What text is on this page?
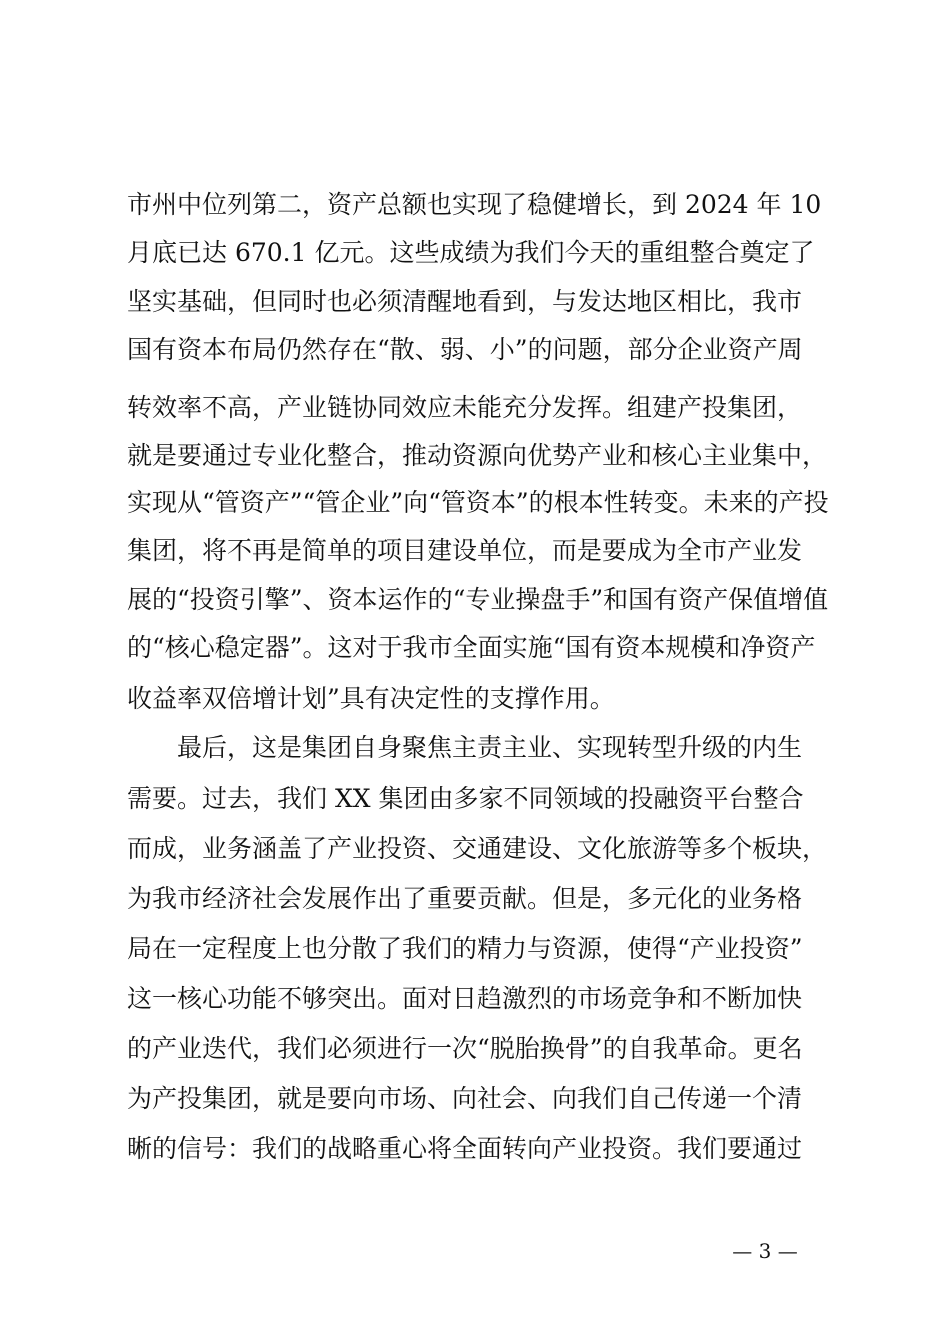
市州中位列第二，资产总额也实现了稳健增长，到 2024 年 10
月底已达 670.1 亿元。这些成绩为我们今天的重组整合奠定了
坚实基础，但同时也必须清醒地看到，与发达地区相比，我市
国有资本布局仍然存在“散、弱、小”的问题，部分企业资产周
转效率不高，产业链协同效应未能充分发挥。组建产投集团，
就是要通过专业化整合，推动资源向优势产业和核心主业集中，
实现从“管资产”“管企业”向“管资本”的根本性转变。未来的产投
集团，将不再是简单的项目建设单位，而是要成为全市产业发
展的“投资引擎”、资本运作的“专业操盘手”和国有资产保值增值
的“核心稳定器”。这对于我市全面实施“国有资本规模和净资产
收益率双倍增计划”具有决定性的支撑作用。
最后，这是集团自身聚焦主责主业、实现转型升级的内生
需要。过去，我们 XX 集团由多家不同领域的投融资平台整合
而成，业务涵盖了产业投资、交通建设、文化旅游等多个板块，
为我市经济社会发展作出了重要贡献。但是，多元化的业务格
局在一定程度上也分散了我们的精力与资源，使得“产业投资”
这一核心功能不够突出。面对日趋激烈的市场竞争和不断加快
的产业迭代，我们必须进行一次“脱胎换骨”的自我革命。更名
为产投集团，就是要向市场、向社会、向我们自己传递一个清
晰的信号：我们的战略重心将全面转向产业投资。我们要通过
— 3 —
